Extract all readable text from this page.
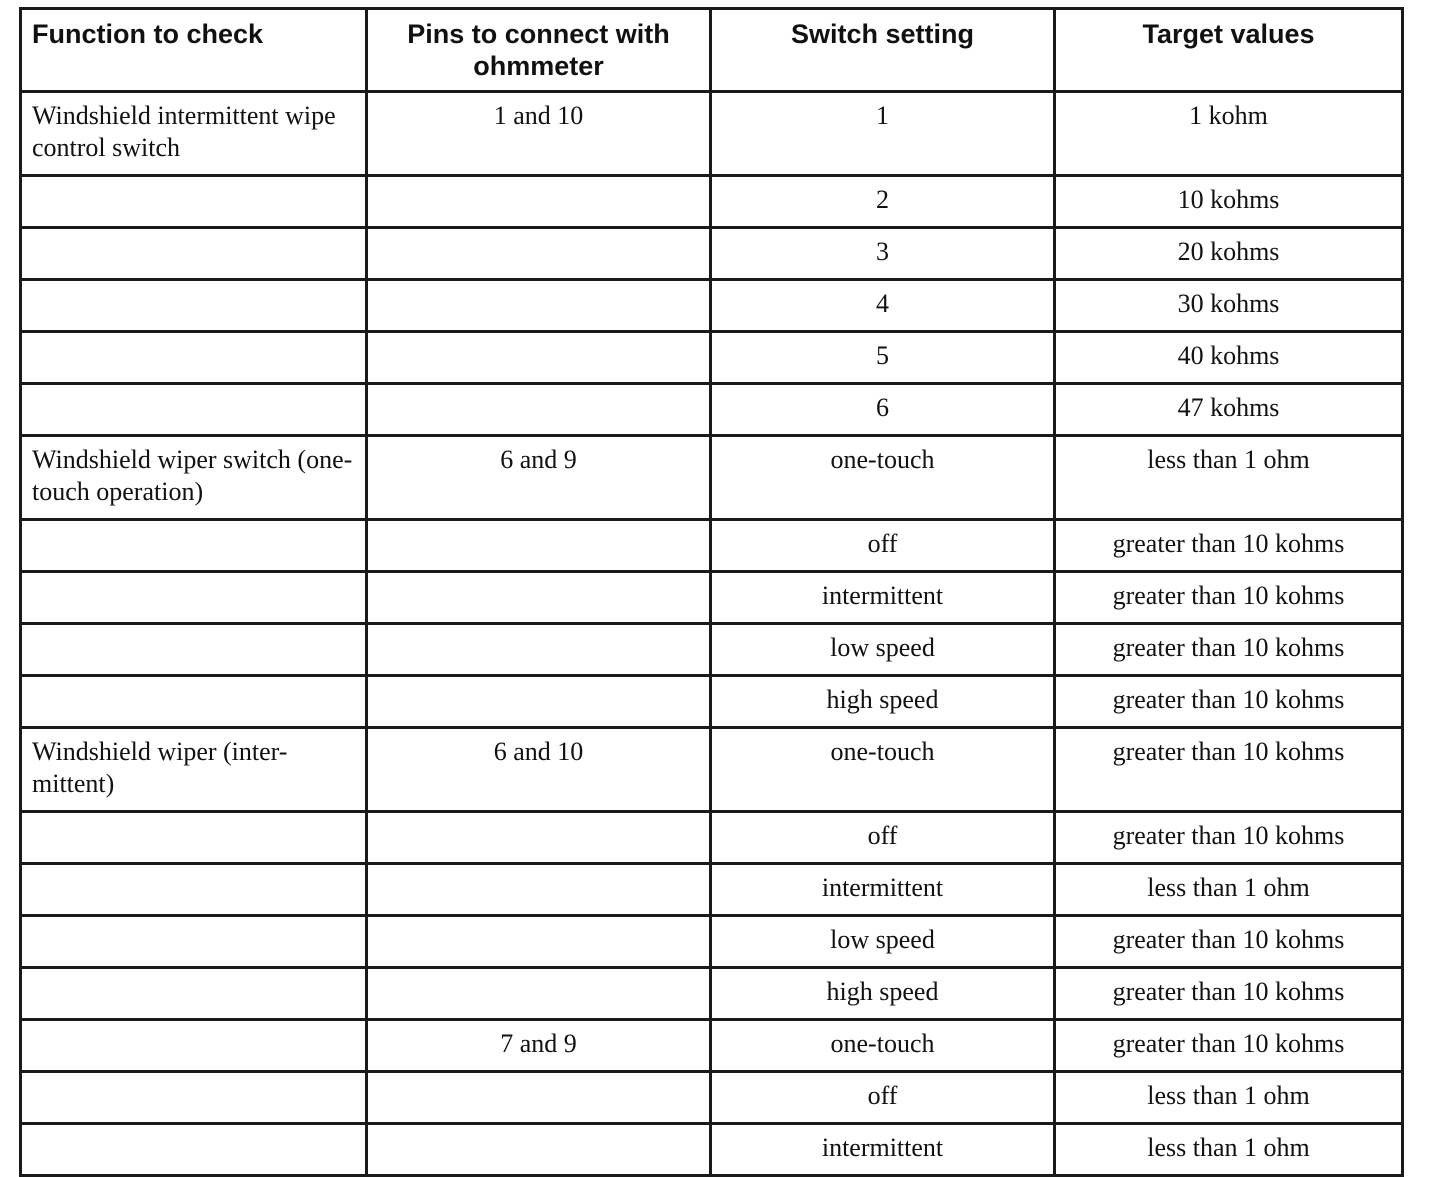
Function to check	Pins to connect with ohmmeter	Switch setting	Target values
Windshield intermittent wipe control switch	1 and 10	1	1 kohm
		2	10 kohms
		3	20 kohms
		4	30 kohms
		5	40 kohms
		6	47 kohms
Windshield wiper switch (one-touch operation)	6 and 9	one-touch	less than 1 ohm
		off	greater than 10 kohms
		intermittent	greater than 10 kohms
		low speed	greater than 10 kohms
		high speed	greater than 10 kohms
Windshield wiper (inter-mittent)	6 and 10	one-touch	greater than 10 kohms
		off	greater than 10 kohms
		intermittent	less than 1 ohm
		low speed	greater than 10 kohms
		high speed	greater than 10 kohms
	7 and 9	one-touch	greater than 10 kohms
		off	less than 1 ohm
		intermittent	less than 1 ohm
